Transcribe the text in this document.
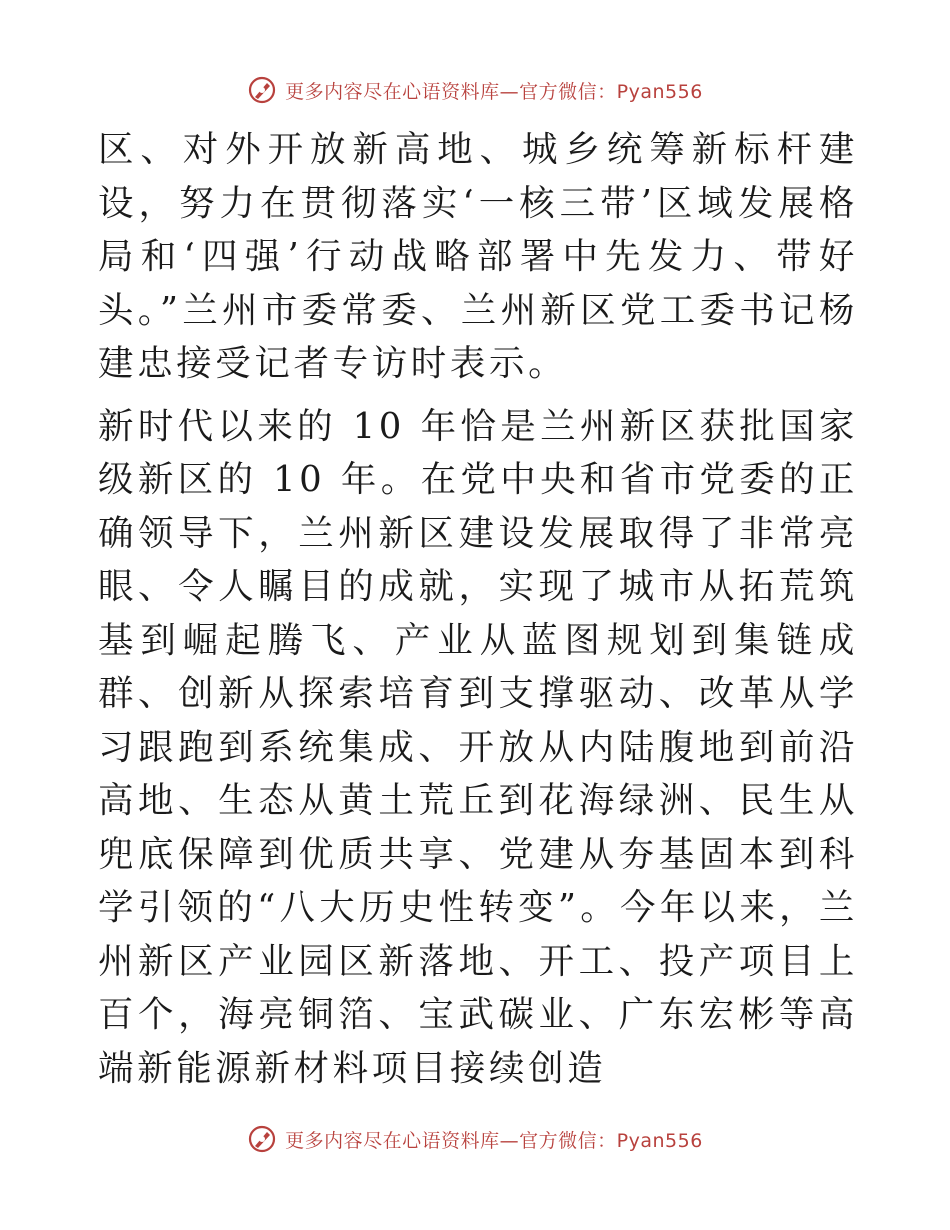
更多内容尽在心语资料库—官方微信：Pyan556

区、对外开放新高地、城乡统筹新标杆建设，努力在贯彻落实‘一核三带’区域发展格局和‘四强’行动战略部署中先发力、带好头。”兰州市委常委、兰州新区党工委书记杨建忠接受记者专访时表示。

新时代以来的 10 年恰是兰州新区获批国家级新区的 10 年。在党中央和省市党委的正确领导下，兰州新区建设发展取得了非常亮眼、令人瞩目的成就，实现了城市从拓荒筑基到崛起腾飞、产业从蓝图规划到集链成群、创新从探索培育到支撑驱动、改革从学习跟跑到系统集成、开放从内陆腹地到前沿高地、生态从黄土荒丘到花海绿洲、民生从兜底保障到优质共享、党建从夯基固本到科学引领的“八大历史性转变”。今年以来，兰州新区产业园区新落地、开工、投产项目上百个，海亮铜箔、宝武碳业、广东宏彬等高端新能源新材料项目接续创造

更多内容尽在心语资料库—官方微信：Pyan556
